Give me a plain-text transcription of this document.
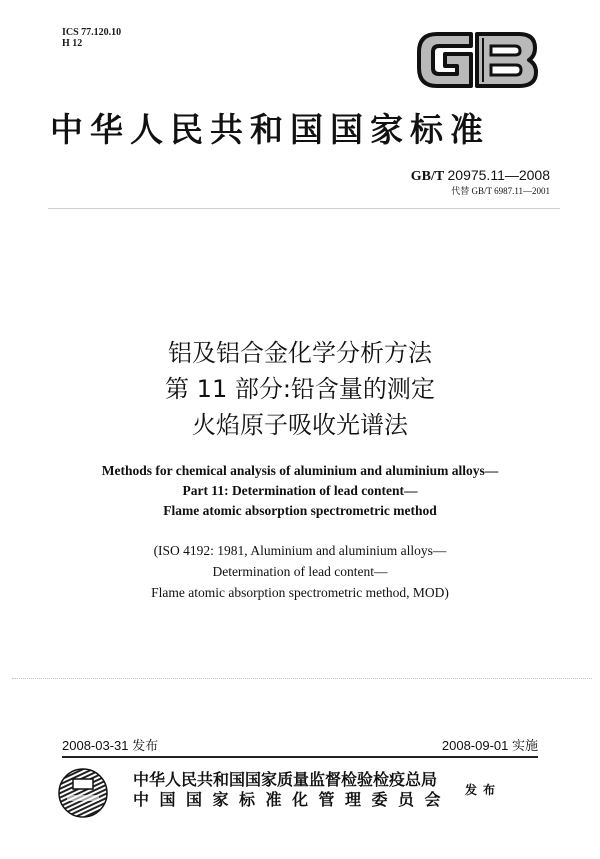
ICS 77.120.10
H 12
中华人民共和国国家标准
GB/T 20975.11—2008
代替 GB/T 6987.11—2001
铝及铝合金化学分析方法
第 11 部分:铅含量的测定
火焰原子吸收光谱法
Methods for chemical analysis of aluminium and aluminium alloys—
Part 11: Determination of lead content—
Flame atomic absorption spectrometric method
(ISO 4192: 1981, Aluminium and aluminium alloys—
Determination of lead content—
Flame atomic absorption spectrometric method, MOD)
2008-03-31 发布	2008-09-01 实施
中华人民共和国国家质量监督检验检疫总局
中国国家标准化管理委员会 发布
